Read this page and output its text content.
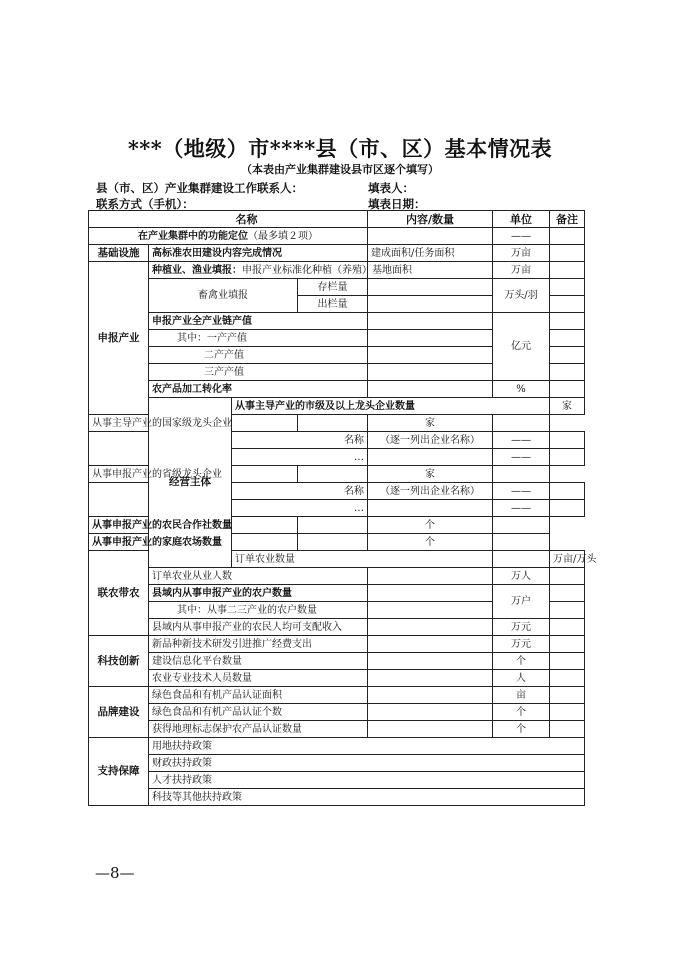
***（地级）市****县（市、区）基本情况表
（本表由产业集群建设县市区逐个填写）
县（市、区）产业集群建设工作联系人：	填表人：
联系方式（手机）：	填表日期：
名称				内容/数量	单位	备注	
在产业集群中的功能定位（最多填２项）					——		
基础设施	高标准农田建设内容完成情况			建成面积/任务面积	万亩		
申报产业	种植业、渔业填报：申报产业标准化种植（养殖）基地面积				万亩		
	畜禽业填报		存栏量		万头/羽		
			出栏量				
	申报产业全产业链产值				亿元		
	其中：一产产值						
	二产产值						
	三产产值						
	农产品加工转化率				%		
	经营主体	从事主导产业的市级及以上龙头企业数量				家	
从事主导产业的国家级龙头企业				家			
		名称		（逐一列出企业名称）	——		
		…			——		
从事申报产业的省级龙头企业				家			
		名称		（逐一列出企业名称）	——		
		…			——		
从事申报产业的农民合作社数量				个			
从事申报产业的家庭农场数量				个			
联农带农		订单农业数量				万亩/万头	
	订单农业从业人数				万人		
	县域内从事申报产业的农户数量				万户		
	其中：从事二三产业的农户数量						
	县域内从事申报产业的农民人均可支配收入				万元		
科技创新	新品种新技术研发引进推广经费支出				万元		
	建设信息化平台数量				个		
	农业专业技术人员数量				人		
品牌建设	绿色食品和有机产品认证面积				亩		
	绿色食品和有机产品认证个数				个		
	获得地理标志保护农产品认证数量				个		
支持保障	用地扶持政策						
	财政扶持政策						
	人才扶持政策						
	科技等其他扶持政策						
—8—
